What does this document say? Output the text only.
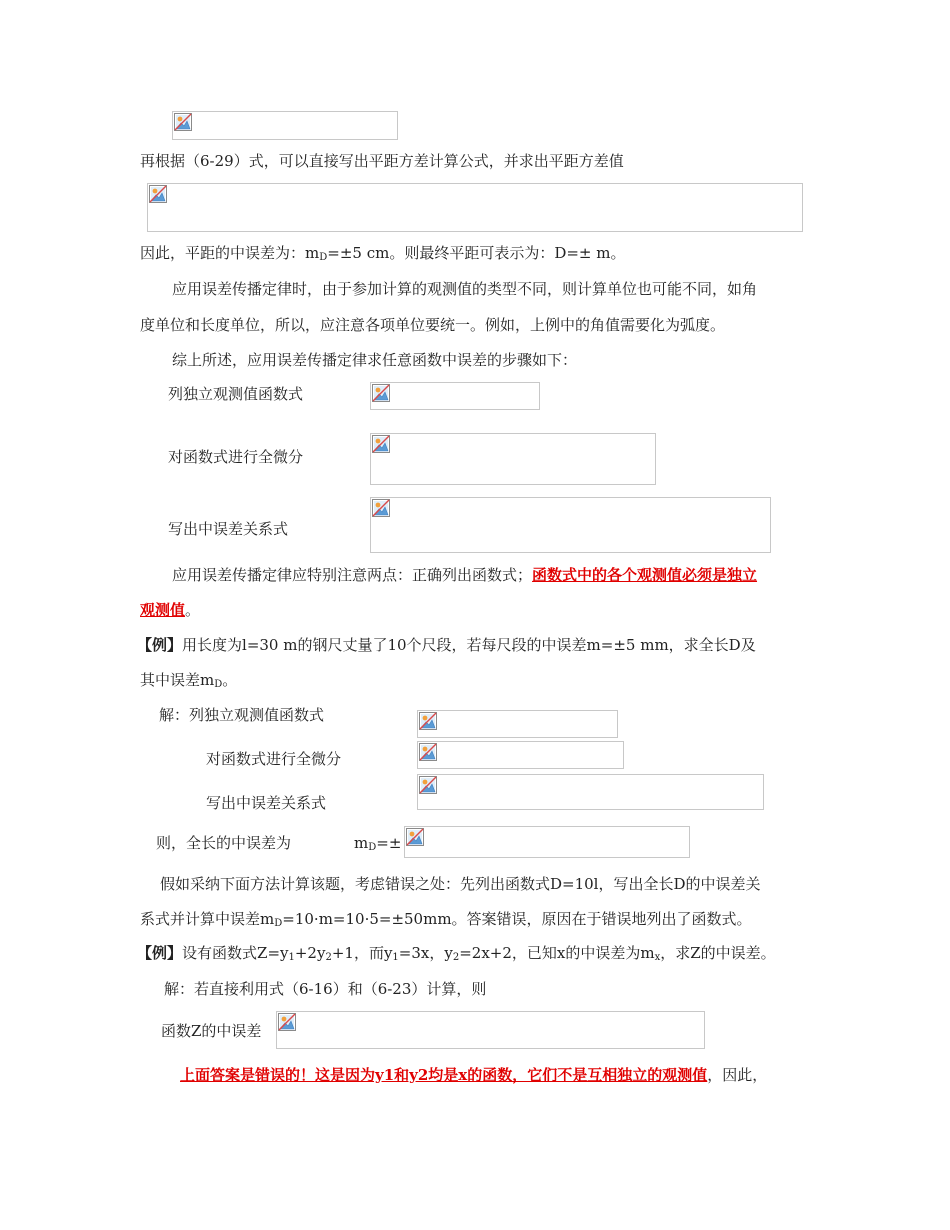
再根据（6-29）式，可以直接写出平距方差计算公式，并求出平距方差值
因此，平距的中误差为：$m_D=\pm 5$ cm。则最终平距可表示为：D=± m。
应用误差传播定律时，由于参加计算的观测值的类型不同，则计算单位也可能不同，如角
度单位和长度单位，所以，应注意各项单位要统一。例如，上例中的角值需要化为弧度。
综上所述，应用误差传播定律求任意函数中误差的步骤如下：
列独立观测值函数式
对函数式进行全微分
写出中误差关系式
应用误差传播定律应特别注意两点：正确列出函数式；函数式中的各个观测值必须是独立
观测值。
【例】用长度为l=30 m的钢尺丈量了10个尺段，若每尺段的中误差m=±5 mm，求全长D及
其中误差$m_D$。
解：列独立观测值函数式
对函数式进行全微分
写出中误差关系式
则，全长的中误差为	$m_D=\pm$
假如采纳下面方法计算该题，考虑错误之处：先列出函数式D=10l，写出全长D的中误差关
系式并计算中误差$m_D=10\cdot m=10\cdot 5=\pm 50mm$。答案错误，原因在于错误地列出了函数式。
【例】设有函数式$Z=y_1+2y_2+1$，而$y_1=3x$，$y_2=2x+2$，已知x的中误差为$m_x$，求Z的中误差。
解：若直接利用式（6-16）和（6-23）计算，则
函数Z的中误差
上面答案是错误的！这是因为y1和y2均是x的函数，它们不是互相独立的观测值，因此，
